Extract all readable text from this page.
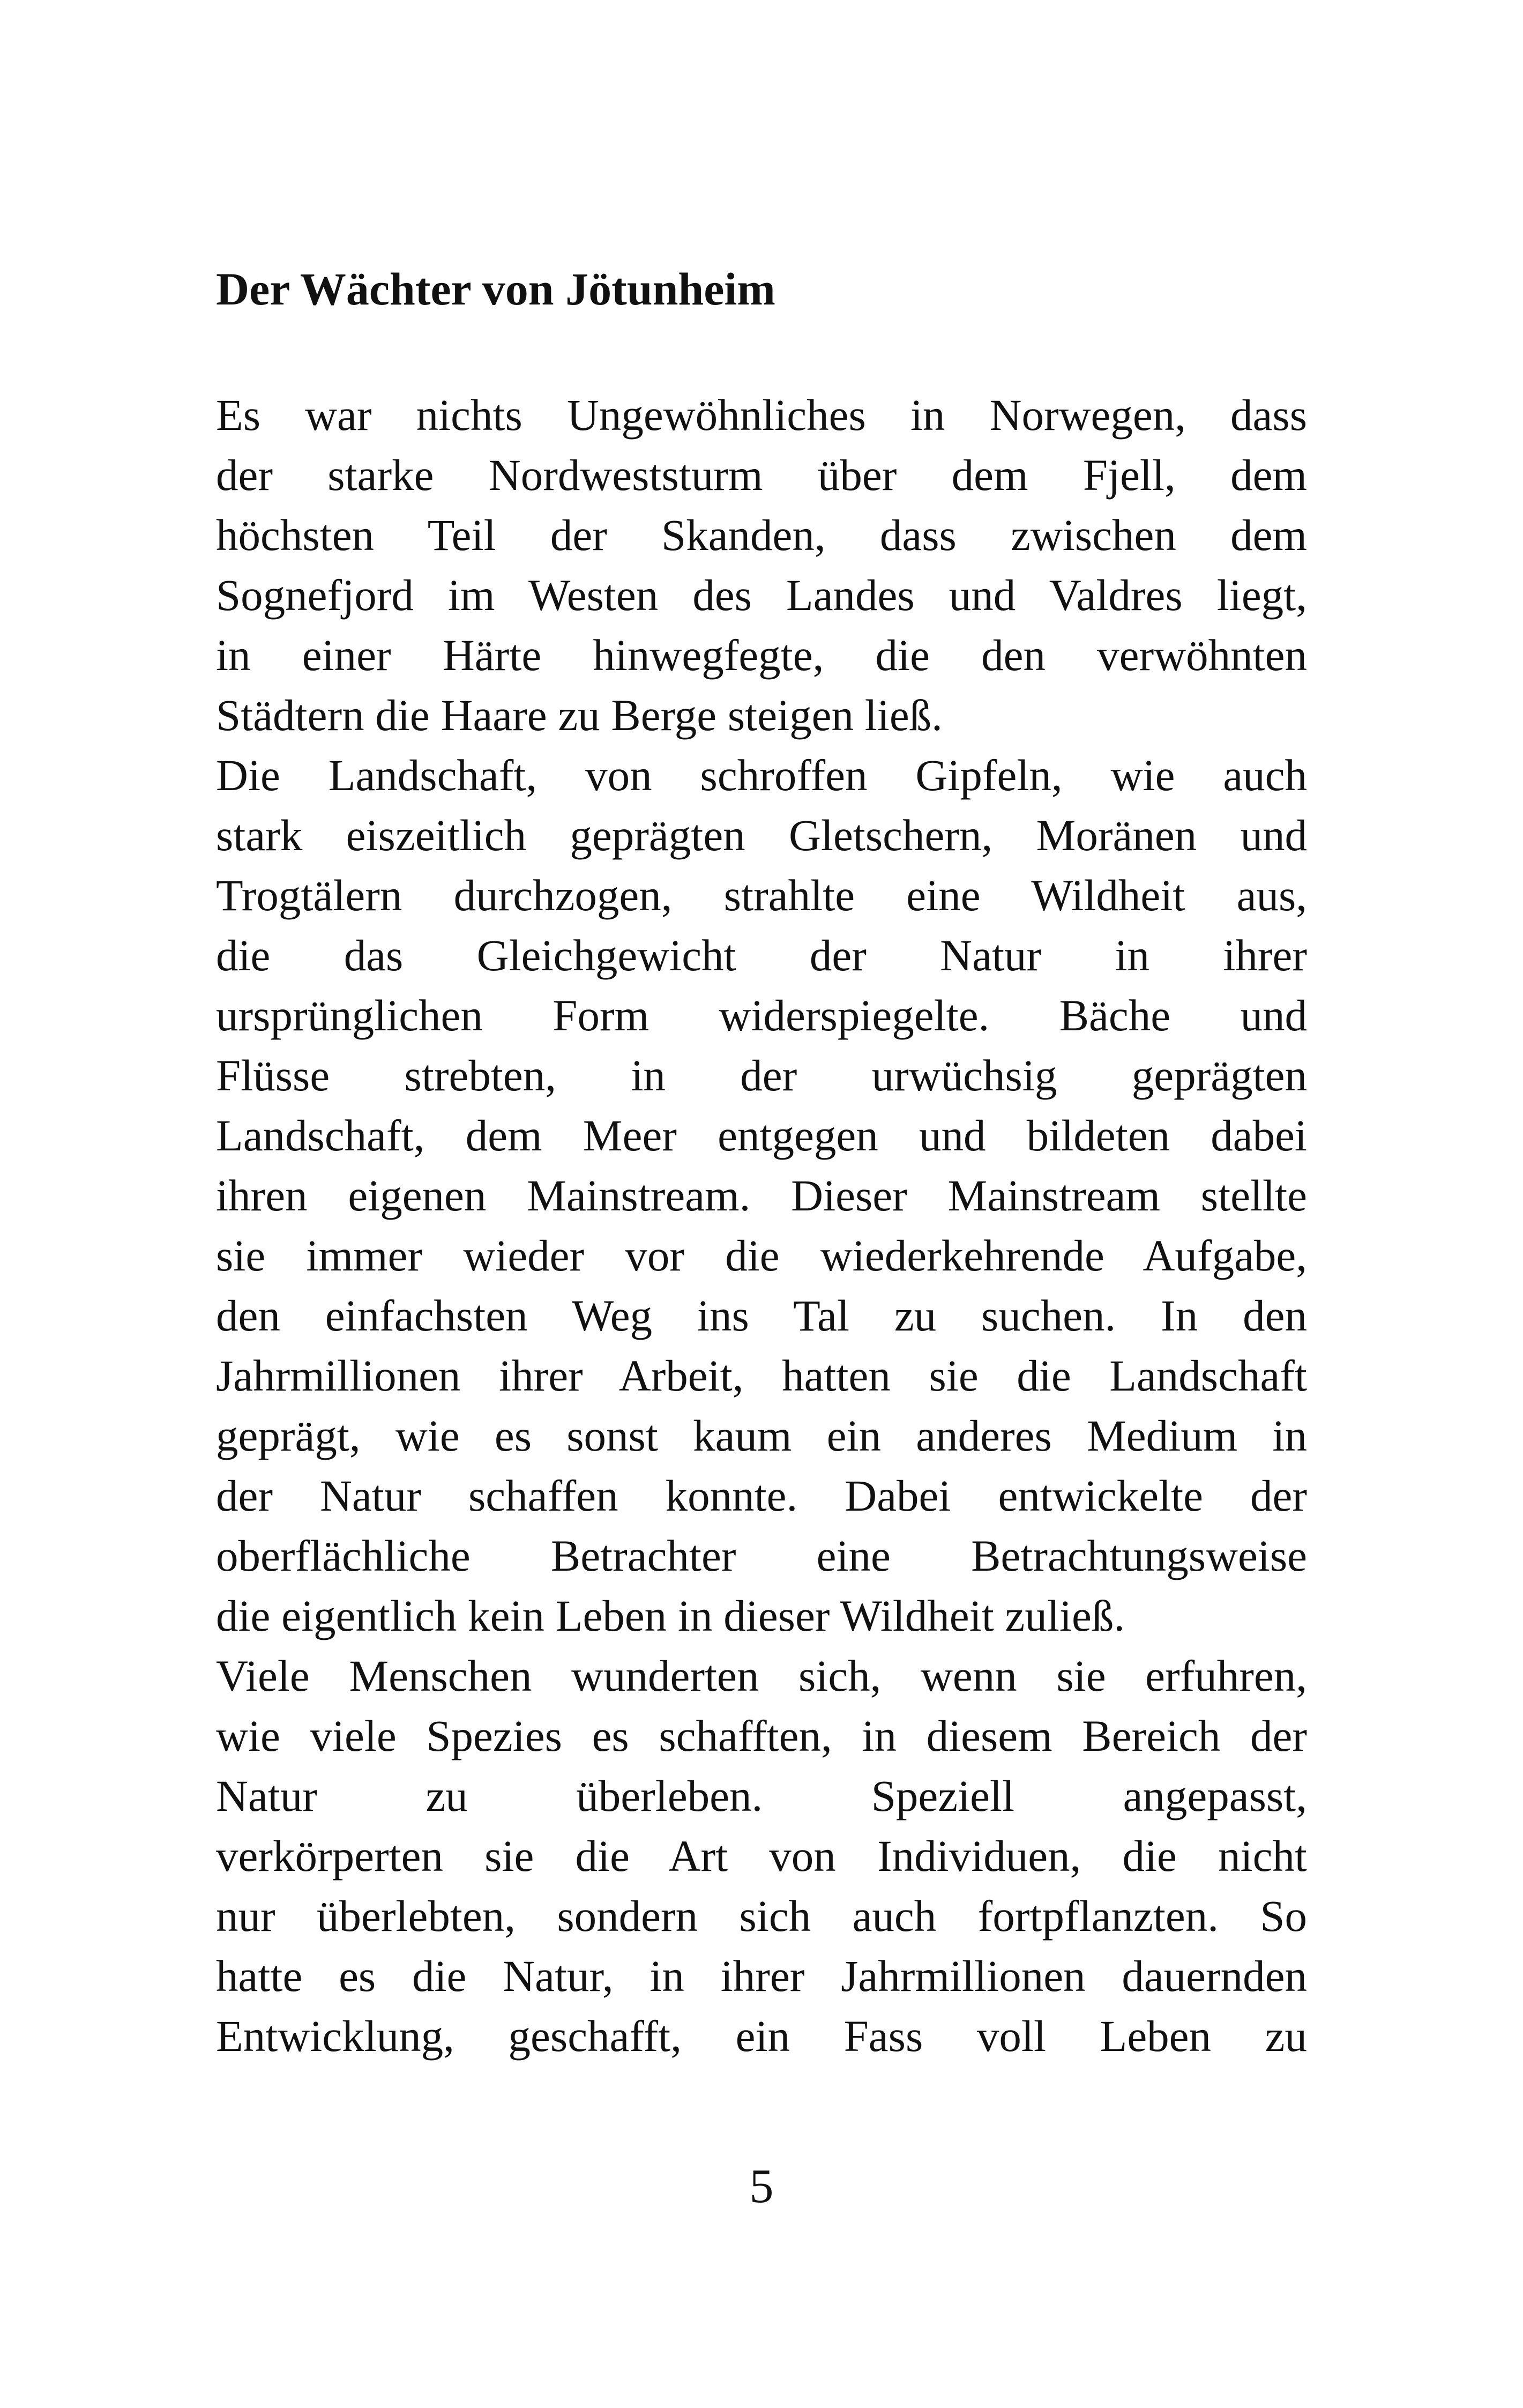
Der Wächter von Jötunheim
Es war nichts Ungewöhnliches in Norwegen, dass
der starke Nordweststurm über dem Fjell, dem
höchsten Teil der Skanden, dass zwischen dem
Sognefjord im Westen des Landes und Valdres liegt,
in einer Härte hinwegfegte, die den verwöhnten
Städtern die Haare zu Berge steigen ließ.
Die Landschaft, von schroffen Gipfeln, wie auch
stark eiszeitlich geprägten Gletschern, Moränen und
Trogtälern durchzogen, strahlte eine Wildheit aus,
die das Gleichgewicht der Natur in ihrer
ursprünglichen Form widerspiegelte. Bäche und
Flüsse strebten, in der urwüchsig geprägten
Landschaft, dem Meer entgegen und bildeten dabei
ihren eigenen Mainstream. Dieser Mainstream stellte
sie immer wieder vor die wiederkehrende Aufgabe,
den einfachsten Weg ins Tal zu suchen. In den
Jahrmillionen ihrer Arbeit, hatten sie die Landschaft
geprägt, wie es sonst kaum ein anderes Medium in
der Natur schaffen konnte. Dabei entwickelte der
oberflächliche Betrachter eine Betrachtungsweise
die eigentlich kein Leben in dieser Wildheit zuließ.
Viele Menschen wunderten sich, wenn sie erfuhren,
wie viele Spezies es schafften, in diesem Bereich der
Natur zu überleben. Speziell angepasst,
verkörperten sie die Art von Individuen, die nicht
nur überlebten, sondern sich auch fortpflanzten. So
hatte es die Natur, in ihrer Jahrmillionen dauernden
Entwicklung, geschafft, ein Fass voll Leben zu
5
